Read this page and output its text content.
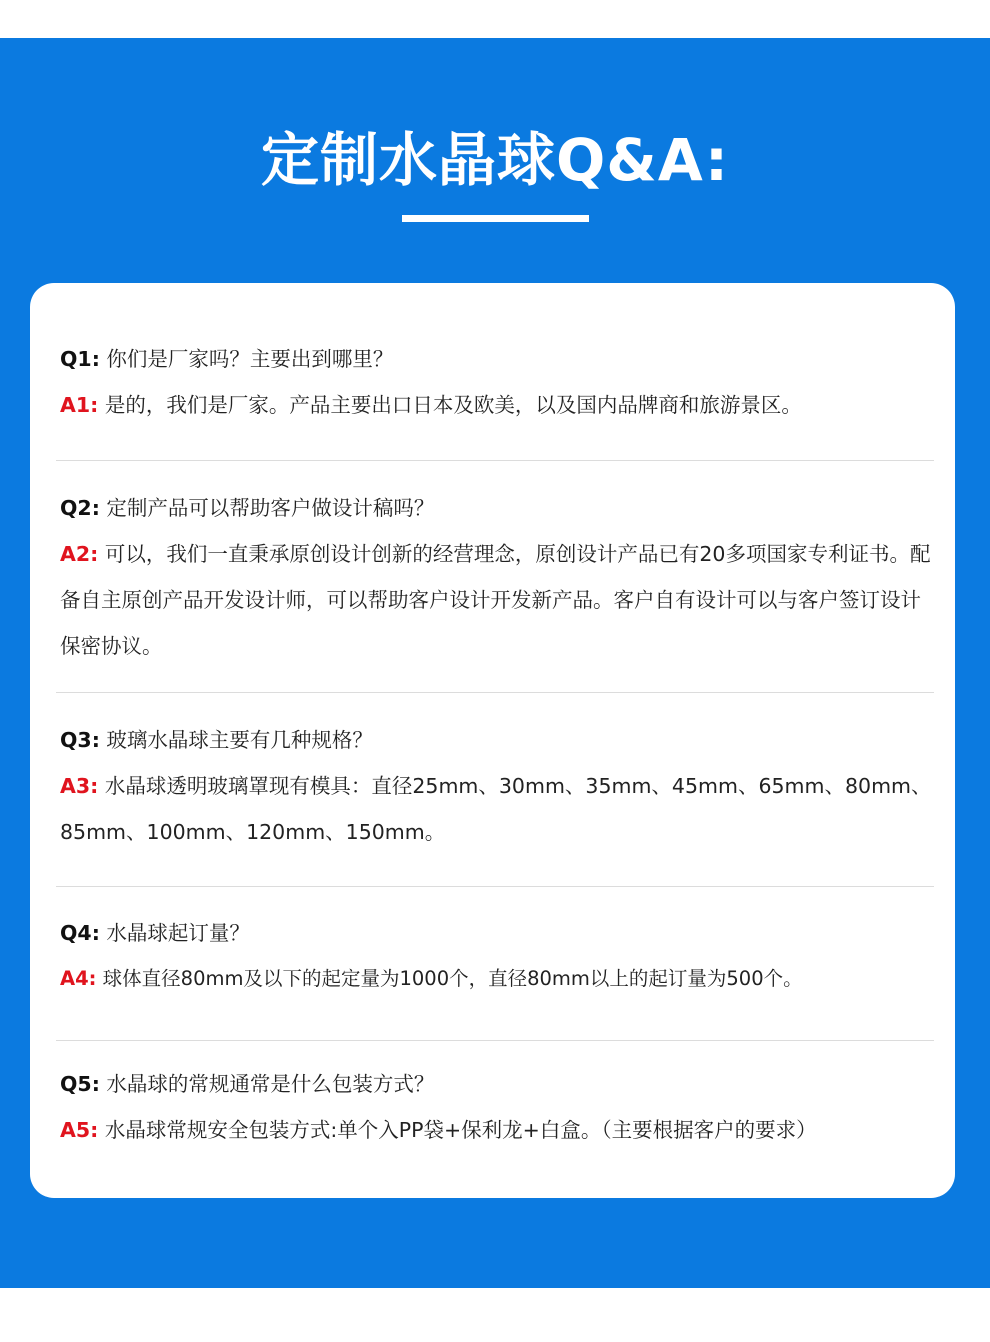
定制水晶球Q&A:
Q1: 你们是厂家吗？主要出到哪里？
A1: 是的，我们是厂家。产品主要出口日本及欧美，以及国内品牌商和旅游景区。
Q2: 定制产品可以帮助客户做设计稿吗？
A2: 可以，我们一直秉承原创设计创新的经营理念，原创设计产品已有20多项国家专利证书。配备自主原创产品开发设计师，可以帮助客户设计开发新产品。客户自有设计可以与客户签订设计保密协议。
Q3: 玻璃水晶球主要有几种规格？
A3: 水晶球透明玻璃罩现有模具：直径25mm、30mm、35mm、45mm、65mm、80mm、85mm、100mm、120mm、150mm。
Q4: 水晶球起订量？
A4: 球体直径80mm及以下的起定量为1000个，直径80mm以上的起订量为500个。
Q5: 水晶球的常规通常是什么包装方式？
A5: 水晶球常规安全包装方式:单个入PP袋+保利龙+白盒。（主要根据客户的要求）
